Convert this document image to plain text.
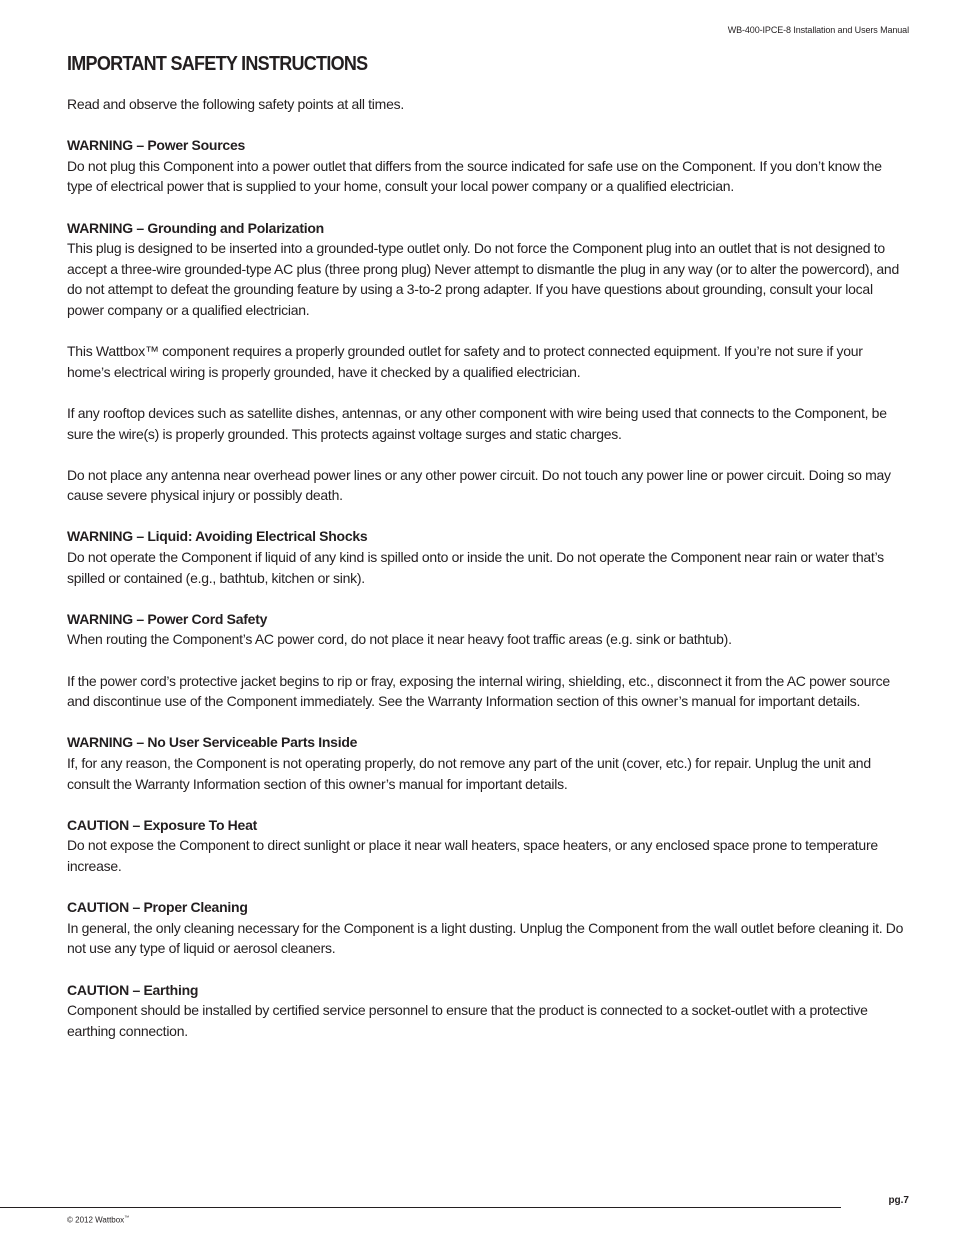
WB-400-IPCE-8 Installation and Users Manual
IMPORTANT SAFETY INSTRUCTIONS

Read and observe the following safety points at all times.

WARNING – Power Sources

Do not plug this Component into a power outlet that differs from the source indicated for safe use on the Component. If you don’t know the type of electrical power that is supplied to your home, consult your local power company or a qualified electrician.

WARNING – Grounding and Polarization

This plug is designed to be inserted into a grounded-type outlet only. Do not force the Component plug into an outlet that is not designed to accept a three-wire grounded-type AC plus (three prong plug) Never attempt to dismantle the plug in any way (or to alter the powercord), and do not attempt to defeat the grounding feature by using a 3-to-2 prong adapter. If you have questions about grounding, consult your local power company or a qualified electrician.

This Wattbox™ component requires a properly grounded outlet for safety and to protect connected equipment. If you’re not sure if your home’s electrical wiring is properly grounded, have it checked by a qualified electrician.

If any rooftop devices such as satellite dishes, antennas, or any other component with wire being used that connects to the Component, be sure the wire(s) is properly grounded. This protects against voltage surges and static charges.

Do not place any antenna near overhead power lines or any other power circuit. Do not touch any power line or power circuit. Doing so may cause severe physical injury or possibly death.

WARNING – Liquid: Avoiding Electrical Shocks

Do not operate the Component if liquid of any kind is spilled onto or inside the unit. Do not operate the Component near rain or water that’s spilled or contained (e.g., bathtub, kitchen or sink).

WARNING – Power Cord Safety

When routing the Component’s AC power cord, do not place it near heavy foot traffic areas (e.g. sink or bathtub).

If the power cord’s protective jacket begins to rip or fray, exposing the internal wiring, shielding, etc., disconnect it from the AC power source and discontinue use of the Component immediately. See the Warranty Information section of this owner’s manual for important details.

WARNING – No User Serviceable Parts Inside

If, for any reason, the Component is not operating properly, do not remove any part of the unit (cover, etc.) for repair. Unplug the unit and consult the Warranty Information section of this owner’s manual for important details.

CAUTION – Exposure To Heat

Do not expose the Component to direct sunlight or place it near wall heaters, space heaters, or any enclosed space prone to temperature increase.

CAUTION – Proper Cleaning

In general, the only cleaning necessary for the Component is a light dusting. Unplug the Component from the wall outlet before cleaning it. Do not use any type of liquid or aerosol cleaners.

CAUTION – Earthing

Component should be installed by certified service personnel to ensure that the product is connected to a socket-outlet with a protective earthing connection.

pg.7
© 2012 Wattbox™
